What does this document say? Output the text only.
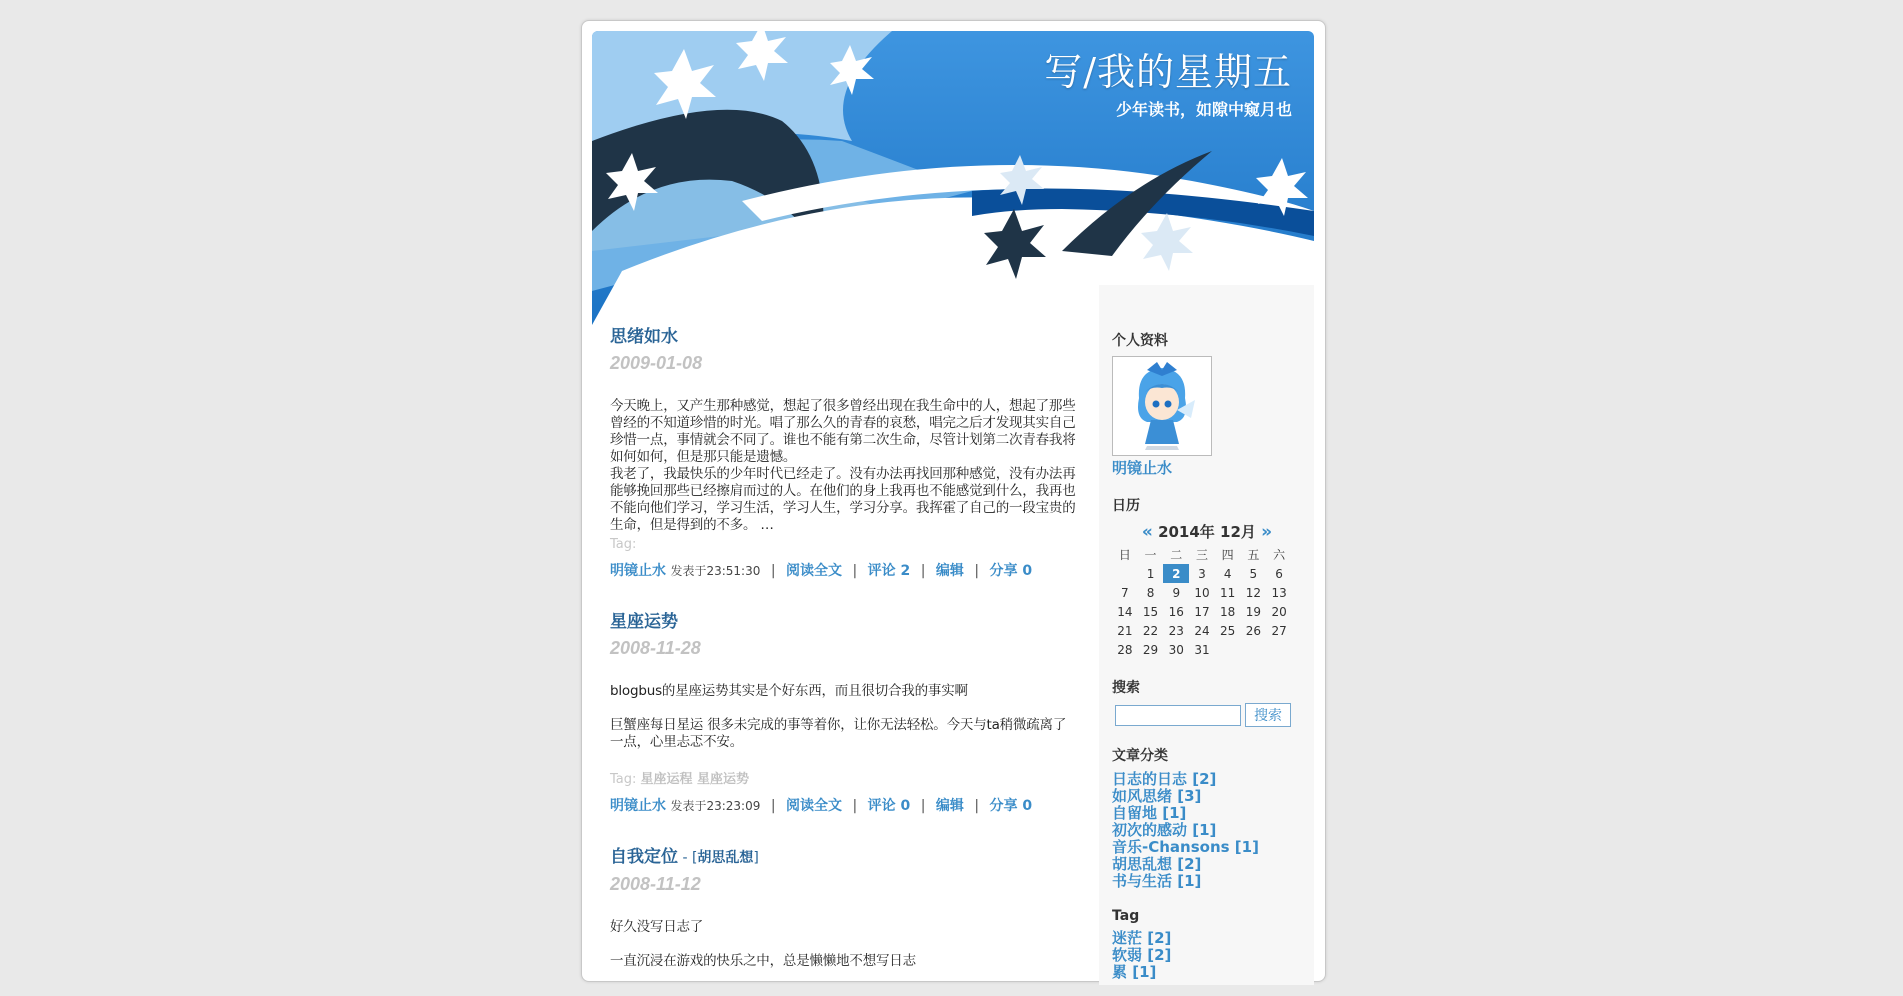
写/我的星期五
少年读书，如隙中窥月也
思绪如水
2009-01-08

今天晚上，又产生那种感觉，想起了很多曾经出现在我生命中的人，想起了那些曾经的不知道珍惜的时光。唱了那么久的青春的哀愁，唱完之后才发现其实自己珍惜一点，事情就会不同了。谁也不能有第二次生命，尽管计划第二次青春我将如何如何，但是那只能是遗憾。
我老了，我最快乐的少年时代已经走了。没有办法再找回那种感觉，没有办法再能够挽回那些已经擦肩而过的人。在他们的身上我再也不能感觉到什么，我再也不能向他们学习，学习生活，学习人生，学习分享。我挥霍了自己的一段宝贵的生命，但是得到的不多。 …

Tag:
明镜止水 发表于23:51:30 | 阅读全文 | 评论 2 | 编辑 | 分享 0
星座运势
2008-11-28

blogbus的星座运势其实是个好东西，而且很切合我的事实啊

巨蟹座每日星运 很多未完成的事等着你，让你无法轻松。今天与ta稍微疏离了一点，心里忐忑不安。

Tag: 星座运程 星座运势
明镜止水 发表于23:23:09 | 阅读全文 | 评论 0 | 编辑 | 分享 0
自我定位 - [胡思乱想]
2008-11-12

好久没写日志了

一直沉浸在游戏的快乐之中，总是懒懒地不想写日志

个人资料
明镜止水
日历
« 2014年 12月 »
日	一	二	三	四	五	六
	1	2	3	4	5	6
7	8	9	10	11	12	13
14	15	16	17	18	19	20
21	22	23	24	25	26	27
28	29	30	31			
搜索
搜索
文章分类
日志的日志 [2]
如风思绪 [3]
自留地 [1]
初次的感动 [1]
音乐-Chansons [1]
胡思乱想 [2]
书与生活 [1]
Tag
迷茫 [2]
软弱 [2]
累 [1]
